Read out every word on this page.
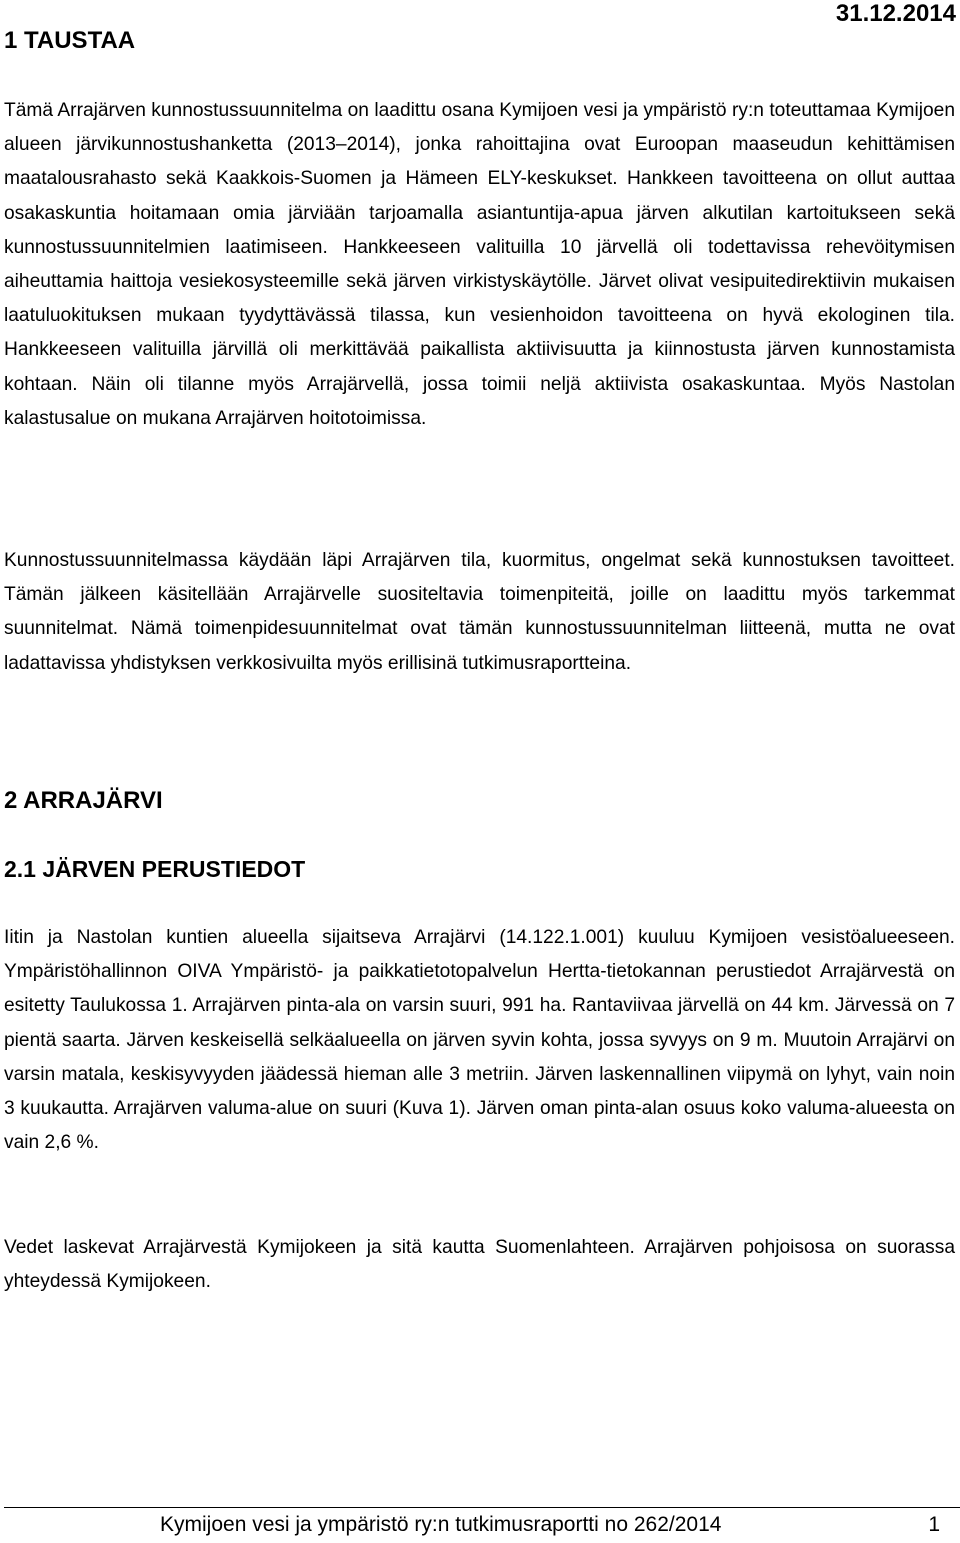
31.12.2014
1 TAUSTAA

Tämä Arrajärven kunnostussuunnitelma on laadittu osana Kymijoen vesi ja ympäristö ry:n toteuttamaa Kymijoen alueen järvikunnostushanketta (2013–2014), jonka rahoittajina ovat Euroopan maaseudun kehittämisen maatalousrahasto sekä Kaakkois-Suomen ja Hämeen ELY-keskukset. Hankkeen tavoitteena on ollut auttaa osakaskuntia hoitamaan omia järviään tarjoamalla asiantuntija-apua järven alkutilan kartoitukseen sekä kunnostussuunnitelmien laatimiseen. Hankkeeseen valituilla 10 järvellä oli todettavissa rehevöitymisen aiheuttamia haittoja vesiekosysteemille sekä järven virkistyskäytölle. Järvet olivat vesipuitedirektiivin mukaisen laatuluokituksen mukaan tyydyttävässä tilassa, kun vesienhoidon tavoitteena on hyvä ekologinen tila. Hankkeeseen valituilla järvillä oli merkittävää paikallista aktiivisuutta ja kiinnostusta järven kunnostamista kohtaan. Näin oli tilanne myös Arrajärvellä, jossa toimii neljä aktiivista osakaskuntaa. Myös Nastolan kalastusalue on mukana Arrajärven hoitotoimissa.

Kunnostussuunnitelmassa käydään läpi Arrajärven tila, kuormitus, ongelmat sekä kunnostuksen tavoitteet. Tämän jälkeen käsitellään Arrajärvelle suositeltavia toimenpiteitä, joille on laadittu myös tarkemmat suunnitelmat. Nämä toimenpidesuunnitelmat ovat tämän kunnostussuunnitelman liitteenä, mutta ne ovat ladattavissa yhdistyksen verkkosivuilta myös erillisinä tutkimusraportteina.

2 ARRAJÄRVI
2.1 JÄRVEN PERUSTIEDOT

Iitin ja Nastolan kuntien alueella sijaitseva Arrajärvi (14.122.1.001) kuuluu Kymijoen vesistöalueeseen. Ympäristöhallinnon OIVA Ympäristö- ja paikkatietotopalvelun Hertta-tietokannan perustiedot Arrajärvestä on esitetty Taulukossa 1. Arrajärven pinta-ala on varsin suuri, 991 ha. Rantaviivaa järvellä on 44 km. Järvessä on 7 pientä saarta. Järven keskeisellä selkäalueella on järven syvin kohta, jossa syvyys on 9 m. Muutoin Arrajärvi on varsin matala, keskisyvyyden jäädessä hieman alle 3 metriin. Järven laskennallinen viipymä on lyhyt, vain noin 3 kuukautta. Arrajärven valuma-alue on suuri (Kuva 1). Järven oman pinta-alan osuus koko valuma-alueesta on vain 2,6 %.

Vedet laskevat Arrajärvestä Kymijokeen ja sitä kautta Suomenlahteen. Arrajärven pohjoisosa on suorassa yhteydessä Kymijokeen.

Kymijoen vesi ja ympäristö ry:n tutkimusraportti no 262/2014	1
